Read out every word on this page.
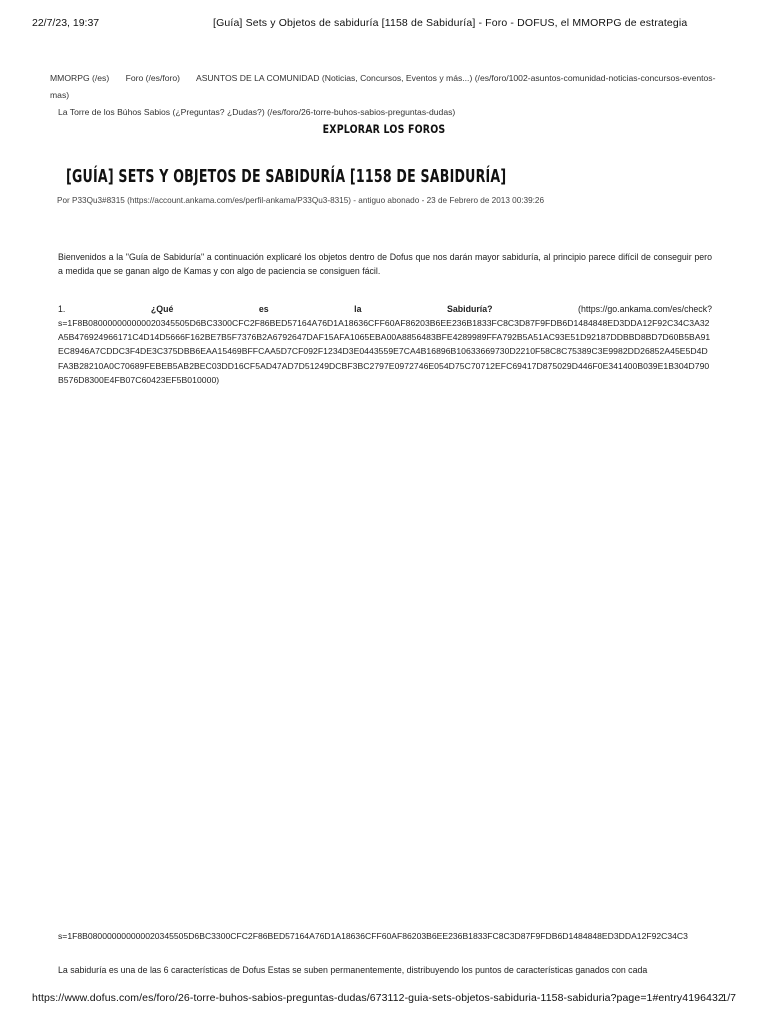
22/7/23, 19:37	[Guía] Sets y Objetos de sabiduría [1158 de Sabiduría] - Foro - DOFUS, el MMORPG de estrategia
MMORPG (/es) Foro (/es/foro) ASUNTOS DE LA COMUNIDAD (Noticias, Concursos, Eventos y más...) (/es/foro/1002-asuntos-comunidad-noticias-concursos-eventos-mas)
La Torre de los Búhos Sabios (¿Preguntas? ¿Dudas?) (/es/foro/26-torre-buhos-sabios-preguntas-dudas)
EXPLORAR LOS FOROS
[GUÍA] SETS Y OBJETOS DE SABIDURÍA [1158 DE SABIDURÍA]
Por P33Qu3#8315 (https://account.ankama.com/es/perfil-ankama/P33Qu3-8315) - antiguo abonado - 23 de Febrero de 2013 00:39:26

Bienvenidos a la "Guía de Sabiduría" a continuación explicaré los objetos dentro de Dofus que nos darán mayor sabiduría, al principio parece difícil de conseguir pero a medida que se ganan algo de Kamas y con algo de paciencia se consiguen fácil.

1.	¿Qué	es	la	Sabiduría?	(https://go.ankama.com/es/check?
s=1F8B080000000000020345505D6BC3300CFC2F86BED57164A76D1A18636CFF60AF86203B6EE236B1833FC8C3D87F9FDB6D1484848ED3DDA12F92C34C3A32A5B476924966171C4D14D5666F162BE7B5F7376B2A6792647DAF15AFA1065EBA00A8856483BFE4289989FFA792B5A51AC93E51D92187DDBBD8BD7D60B5BA91EC8946A7CDDC3F4DE3C375DBB6EAA15469BFFCAA5D7CF092F1234D3E0443559E7CA4B16896B10633669730D2210F58C8C75389C3E9982DD26852A45E5D4DFA3B28210A0C70689FEBEB5AB2BEC03DD16CF5AD47AD7D51249DCBF3BC2797E0972746E054D75C70712EFC69417D875029D446F0E341400B039E1B304D790B576D8300E4FB07C60423EF5B010000)
s=1F8B080000000000020345505D6BC3300CFC2F86BED57164A76D1A18636CFF60AF86203B6EE236B1833FC8C3D87F9FDB6D1484848ED3DDA12F92C34C3

La sabiduría es una de las 6 características de Dofus Estas se suben permanentemente, distribuyendo los puntos de características ganados con cada

https://www.dofus.com/es/foro/26-torre-buhos-sabios-preguntas-dudas/673112-guia-sets-objetos-sabiduria-1158-sabiduria?page=1#entry4196432
1/7
